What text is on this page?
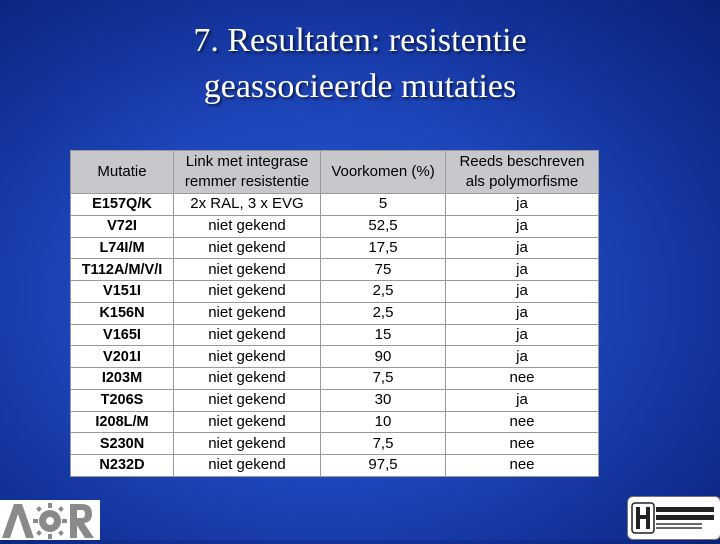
7. Resultaten: resistentie
geassocieerde mutaties
Mutatie	Link met integrase remmer resistentie	Voorkomen (%)	Reeds beschreven als polymorfisme
E157Q/K	2x RAL, 3 x EVG	5	ja
V72I	niet gekend	52,5	ja
L74I/M	niet gekend	17,5	ja
T112A/M/V/I	niet gekend	75	ja
V151I	niet gekend	2,5	ja
K156N	niet gekend	2,5	ja
V165I	niet gekend	15	ja
V201I	niet gekend	90	ja
I203M	niet gekend	7,5	nee
T206S	niet gekend	30	ja
I208L/M	niet gekend	10	nee
S230N	niet gekend	7,5	nee
N232D	niet gekend	97,5	nee
